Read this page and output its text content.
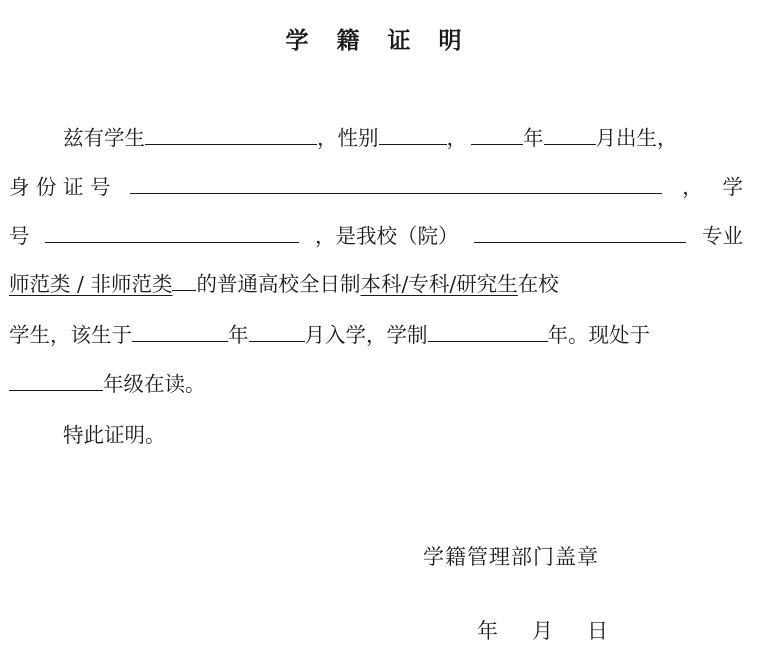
学 籍 证 明
兹有学生	，性别	，	年	月出生，
身 份 证 号	， 学
号	，是我校（院）	专业
师范类 / 非师范类 的普通高校全日制本科/专科/研究生在校
学生，该生于	年	月入学，学制	年。现处于
年级在读。
特此证明。
学籍管理部门盖章
年 月 日
